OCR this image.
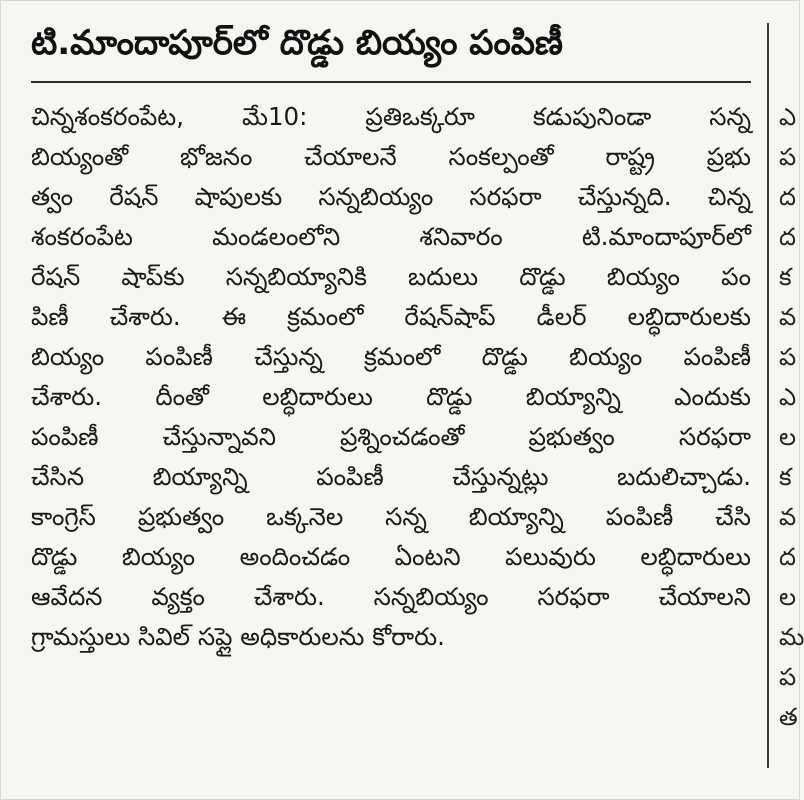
టి.మాందాపూర్‌లో దొడ్డు బియ్యం పంపిణీ
చిన్నశంకరంపేట, మే10: ప్రతిఒక్కరూ కడుపునిండా సన్న
బియ్యంతో భోజనం చేయాలనే సంకల్పంతో రాష్ట్ర ప్రభు
త్వం రేషన్ షాపులకు సన్నబియ్యం సరఫరా చేస్తున్నది. చిన్న
శంకరంపేట మండలంలోని శనివారం టి.మాందాపూర్‌లో
రేషన్ షాప్‌కు సన్నబియ్యానికి బదులు దొడ్డు బియ్యం పం
పిణీ చేశారు. ఈ క్రమంలో రేషన్‌షాప్ డీలర్ లబ్ధిదారులకు
బియ్యం పంపిణీ చేస్తున్న క్రమంలో దొడ్డు బియ్యం పంపిణీ
చేశారు. దీంతో లబ్ధిదారులు దొడ్డు బియ్యాన్ని ఎందుకు
పంపిణీ చేస్తున్నావని ప్రశ్నించడంతో ప్రభుత్వం సరఫరా
చేసిన బియ్యాన్ని పంపిణీ చేస్తున్నట్లు బదులిచ్చాడు.
కాంగ్రెస్ ప్రభుత్వం ఒక్కనెల సన్న బియ్యాన్ని పంపిణీ చేసి
దొడ్డు బియ్యం అందించడం ఏంటని పలువురు లబ్ధిదారులు
ఆవేదన వ్యక్తం చేశారు. సన్నబియ్యం సరఫరా చేయాలని
గ్రామస్తులు సివిల్ సప్లై అధికారులను కోరారు.
ఎ
ప
ద
ద
క
వ
ప
ఎ
ల
క
వ
ద
ల
మ
ప
త
